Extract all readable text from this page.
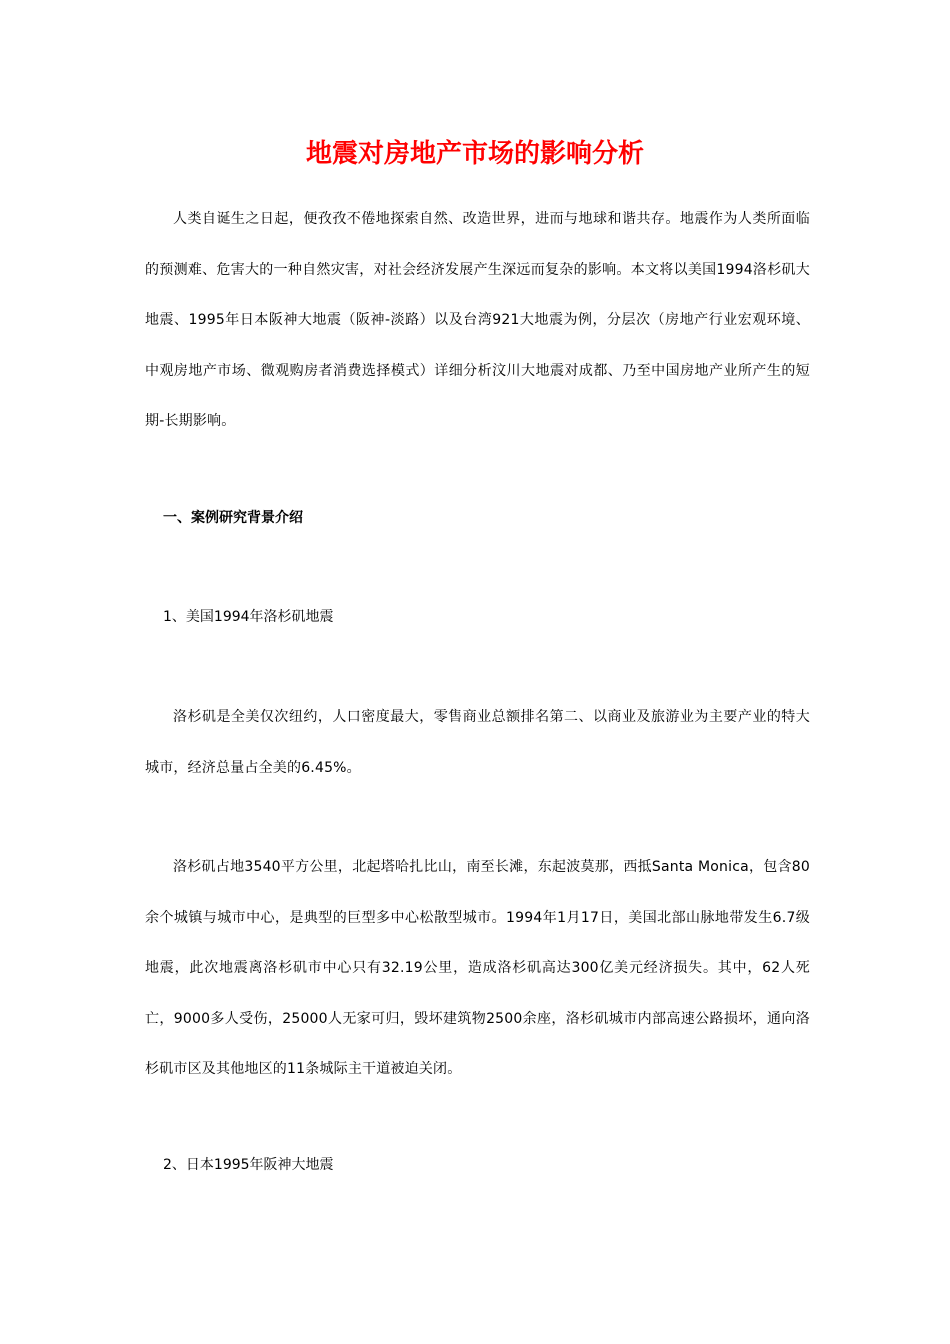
地震对房地产市场的影响分析

人类自诞生之日起，便孜孜不倦地探索自然、改造世界，进而与地球和谐共存。地震作为人类所面临的预测难、危害大的一种自然灾害，对社会经济发展产生深远而复杂的影响。本文将以美国1994洛杉矶大地震、1995年日本阪神大地震（阪神-淡路）以及台湾921大地震为例，分层次（房地产行业宏观环境、中观房地产市场、微观购房者消费选择模式）详细分析汶川大地震对成都、乃至中国房地产业所产生的短期-长期影响。

一、案例研究背景介绍
1、美国1994年洛杉矶地震

洛杉矶是全美仅次纽约，人口密度最大，零售商业总额排名第二、以商业及旅游业为主要产业的特大城市，经济总量占全美的6.45%。

洛杉矶占地3540平方公里，北起塔哈扎比山，南至长滩，东起波莫那，西抵Santa Monica，包含80余个城镇与城市中心，是典型的巨型多中心松散型城市。1994年1月17日，美国北部山脉地带发生6.7级地震，此次地震离洛杉矶市中心只有32.19公里，造成洛杉矶高达300亿美元经济损失。其中，62人死亡，9000多人受伤，25000人无家可归，毁坏建筑物2500余座，洛杉矶城市内部高速公路损坏，通向洛杉矶市区及其他地区的11条城际主干道被迫关闭。

2、日本1995年阪神大地震
